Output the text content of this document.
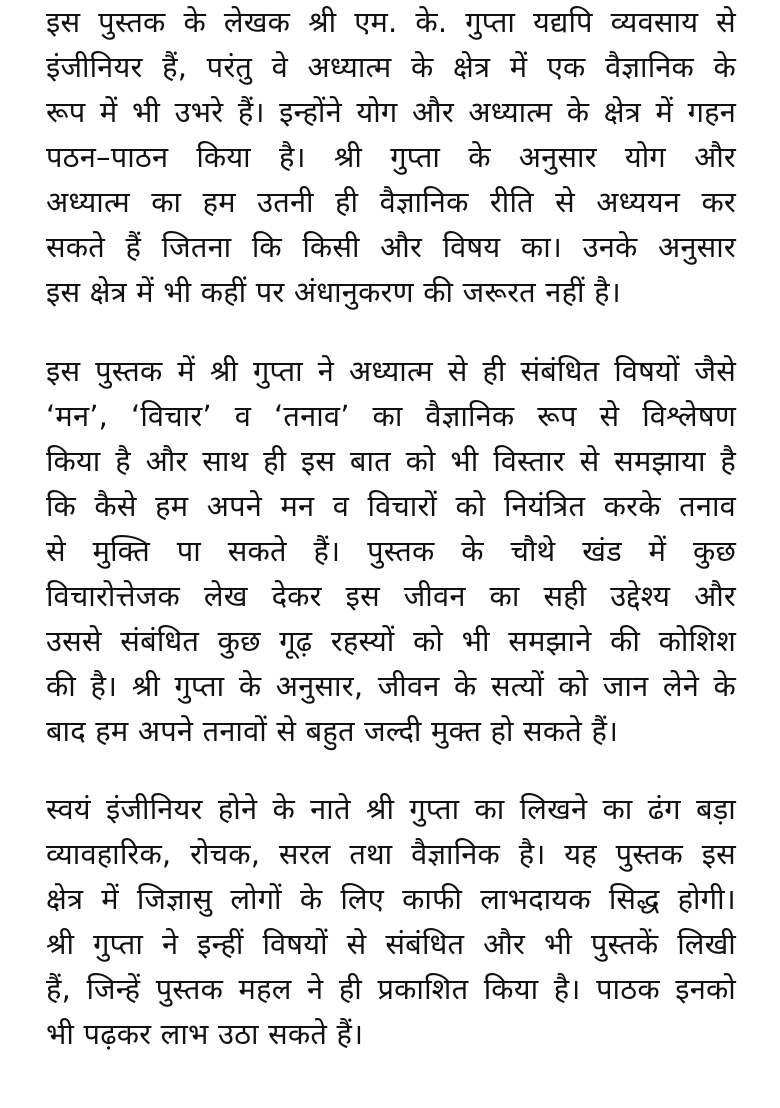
इस पुस्तक के लेखक श्री एम. के. गुप्ता यद्यपि व्यवसाय से
इंजीनियर हैं, परंतु वे अध्यात्म के क्षेत्र में एक वैज्ञानिक के
रूप में भी उभरे हैं। इन्होंने योग और अध्यात्म के क्षेत्र में गहन
पठन–पाठन किया है। श्री गुप्ता के अनुसार योग और
अध्यात्म का हम उतनी ही वैज्ञानिक रीति से अध्ययन कर
सकते हैं जितना कि किसी और विषय का। उनके अनुसार
इस क्षेत्र में भी कहीं पर अंधानुकरण की जरूरत नहीं है।
इस पुस्तक में श्री गुप्ता ने अध्यात्म से ही संबंधित विषयों जैसे
‘मन’, ‘विचार’ व ‘तनाव’ का वैज्ञानिक रूप से विश्लेषण
किया है और साथ ही इस बात को भी विस्तार से समझाया है
कि कैसे हम अपने मन व विचारों को नियंत्रित करके तनाव
से मुक्ति पा सकते हैं। पुस्तक के चौथे खंड में कुछ
विचारोत्तेजक लेख देकर इस जीवन का सही उद्देश्य और
उससे संबंधित कुछ गूढ़ रहस्यों को भी समझाने की कोशिश
की है। श्री गुप्ता के अनुसार, जीवन के सत्यों को जान लेने के
बाद हम अपने तनावों से बहुत जल्दी मुक्त हो सकते हैं।
स्वयं इंजीनियर होने के नाते श्री गुप्ता का लिखने का ढंग बड़ा
व्यावहारिक, रोचक, सरल तथा वैज्ञानिक है। यह पुस्तक इस
क्षेत्र में जिज्ञासु लोगों के लिए काफी लाभदायक सिद्ध होगी।
श्री गुप्ता ने इन्हीं विषयों से संबंधित और भी पुस्तकें लिखी
हैं, जिन्हें पुस्तक महल ने ही प्रकाशित किया है। पाठक इनको
भी पढ़कर लाभ उठा सकते हैं।
